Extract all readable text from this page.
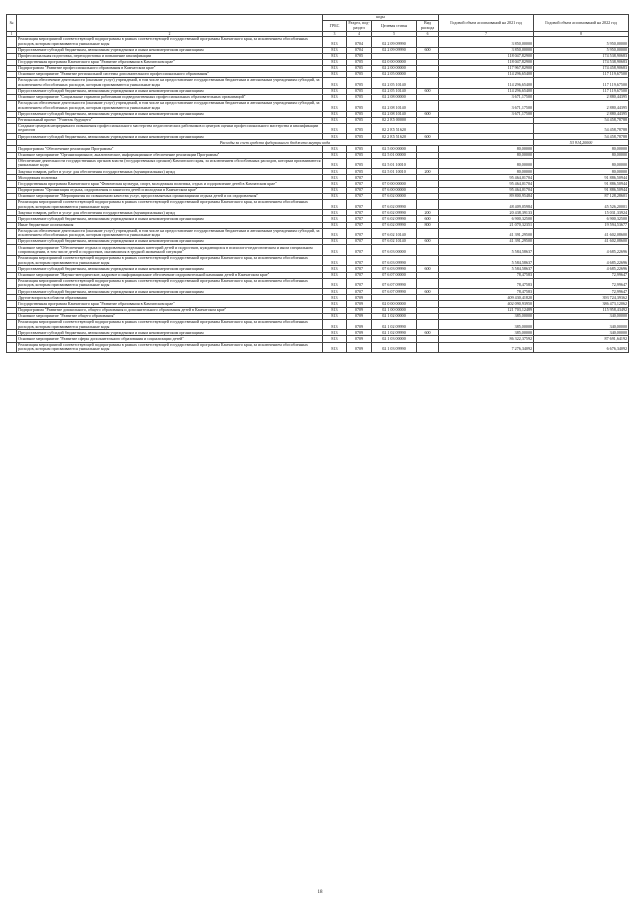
№		коды				Годовой объем ассигнований на 2021 год	Годовой объем ассигнований на 2022 год
		ГРБС	Раздел, под-раздел	Целевая статья	Вид расхода		
1	2	3	4	5	6	7	8
	Реализация мероприятий соответствующей подпрограммы в рамках соответствующей государственной программы Камчатского края, за исключением обособленных расходов, которым присваиваются уникальные коды	813	0704	02 2 09 09990		3 850,00000	5 950,00000
	Предоставление субсидий бюджетным, автономным учреждениям и иным некоммерческим организациям	813	0704	02 2 09 09990	600	3 850,00000	5 950,00000
	Профессиональная подготовка, переподготовка и повышение квалификации	813	0705			118 047,82900	174 538,90683
	Государственная программа Камчатского края "Развитие образования в Камчатском крае"	813	0705	02 0 00 00000		118 047,82900	174 538,90683
	Подпрограмма "Развитие профессионального образования в Камчатском крае"	813	0705	02 2 00 00000		117 967,82900	174 458,90683
	Основное мероприятие "Развитие региональной системы дополнительного профессионального образования"	813	0705	02 2 05 00000		114 296,65400	117 119,67500
	Расходы на обеспечение деятельности (оказание услуг) учреждений, в том числе на предоставление государственным бюджетным и автономным учреждениям субсидий, за исключением обособленных расходов, которым присваиваются уникальные коды	813	0705	02 2 05 10140		114 296,65400	117 119,67500
	Предоставление субсидий бюджетным, автономным учреждениям и иным некоммерческим организациям	813	0705	02 2 05 10140	600	114 296,65400	117 119,67500
	Основное мероприятие "Социальные гарантии работникам подведомственных профессиональных образовательных организаций"	813	0705	02 2 08 00000		3 671,17500	2 880,44395
	Расходы на обеспечение деятельности (оказание услуг) учреждений, в том числе на предоставление государственным бюджетным и автономным учреждениям субсидий, за исключением обособленных расходов, которым присваиваются уникальные коды	813	0705	02 2 08 10140		3 671,17500	2 880,44395
	Предоставление субсидий бюджетным, автономным учреждениям и иным некоммерческим организациям	813	0705	02 2 08 10140	600	3 671,17500	2 880,44395
	Региональный проект "Учитель будущего"	813	0705	02 2 E5 00000			54 458,78788
	Создание центров непрерывного повышения профессионального мастерства педагогических работников и центров оценки профессионального мастерства и квалификации педагогов	813	0705	02 2 E5 51620			54 458,78788
	Предоставление субсидий бюджетным, автономным учреждениям и иным некоммерческим организациям	813	0705	02 2 E5 51620	600		54 458,78788
	Расходы за счет средств федерального бюджета внутри кода						53 914,20000
	Подпрограмма "Обеспечение реализации Программы"	813	0705	02 5 00 00000		80,00000	80,00000
	Основное мероприятие "Организационное, аналитическое, информационное обеспечение реализации Программы"	813	0705	02 5 01 00000		80,00000	80,00000
	Обеспечение деятельности государственных органов власти (государственных органов) Камчатского края, за исключением обособленных расходов, которым присваиваются уникальные коды	813	0705	02 5 01 10010		80,00000	80,00000
	Закупка товаров, работ и услуг для обеспечения государственных (муниципальных) нужд	813	0705	02 5 01 10010	200	80,00000	80,00000
	Молодежная политика	813	0707			95 464,01704	91 886,50944
	Государственная программа Камчатского края "Физическая культура, спорт, молодежная политика, отдых и оздоровление детей в Камчатском крае"	813	0707	07 0 00 00000		95 464,01704	91 886,50944
	Подпрограмма "Организация отдыха, оздоровления и занятости детей и молодежи в Камчатском крае"	813	0707	07 6 00 00000		95 464,01704	91 886,50944
	Основное мероприятие "Мероприятия по повышению качества услуг, предоставляемых организациями отдыха детей и их оздоровления"	813	0707	07 6 02 00000		89 800,95484	87 128,28601
	Реализация мероприятий соответствующей подпрограммы в рамках соответствующей государственной программы Камчатского края, за исключением обособленных расходов, которым присваиваются уникальные коды	813	0707	07 6 02 09990		48 409,05984	45 526,20001
	Закупка товаров, работ и услуг для обеспечения государственных (муниципальных) нужд	813	0707	07 6 02 09990	200	20 438,39133	15 031,33924
	Предоставление субсидий бюджетным, автономным учреждениям и иным некоммерческим организациям	813	0707	07 6 02 09990	600	6 900,32500	6 900,32500
	Иные бюджетные ассигнования	813	0707	07 6 02 09990	800	21 070,32351	19 594,53677
	Расходы на обеспечение деятельности (оказание услуг) учреждений, в том числе на предоставление государственным бюджетным и автономным учреждениям субсидий, за исключением обособленных расходов, которым присваиваются уникальные коды	813	0707	07 6 02 10140		41 391,29500	41 602,08600
	Предоставление субсидий бюджетным, автономным учреждениям и иным некоммерческим организациям	813	0707	07 6 02 10140	600	41 391,29500	41 602,08600
	Основное мероприятие "Обеспечение отдыха и оздоровления отдельных категорий детей и подростков, нуждающихся в психолого-педагогическом и ином специальном сопровождении, в том числе детей и подростков, оказавшихся в трудной жизненной ситуации"	813	0707	07 6 03 00000		5 584,58637	4 685,22696
	Реализация мероприятий соответствующей подпрограммы в рамках соответствующей государственной программы Камчатского края, за исключением обособленных расходов, которым присваиваются уникальные коды	813	0707	07 6 03 09990		5 584,58637	4 685,22696
	Предоставление субсидий бюджетным, автономным учреждениям и иным некоммерческим организациям	813	0707	07 6 03 09990	600	5 584,58637	4 685,22696
	Основное мероприятие "Научно-методическое, кадровое и информационное обеспечение оздоровительной кампании детей в Камчатском крае"	813	0707	07 6 07 00000		78,47583	72,99647
	Реализация мероприятий соответствующей подпрограммы в рамках соответствующей государственной программы Камчатского края, за исключением обособленных расходов, которым присваиваются уникальные коды	813	0707	07 6 07 09990		78,47583	72,99647
	Предоставление субсидий бюджетным, автономным учреждениям и иным некоммерческим организациям	813	0707	07 6 07 09990	600	78,47583	72,99647
	Другие вопросы в области образования	813	0709			409 430,41820	393 724,39362
	Государственная программа Камчатского края "Развитие образования в Камчатском крае"	813	0709	02 0 00 00000		402 090,93950	386 473,12062
	Подпрограмма "Развитие дошкольного, общего образования и дополнительного образования детей в Камчатском крае"	813	0709	02 1 00 00000		121 703,12489	115 958,43492
	Основное мероприятие "Развитие общего образования"	813	0709	02 1 02 00000		385,00000	340,00000
	Реализация мероприятий соответствующей подпрограммы в рамках соответствующей государственной программы Камчатского края, за исключением обособленных расходов, которым присваиваются уникальные коды	813	0709	02 1 02 09990		385,00000	340,00000
	Предоставление субсидий бюджетным, автономным учреждениям и иным некоммерческим организациям	813	0709	02 1 02 09990	600	385,00000	340,00000
	Основное мероприятие "Развитие сферы дополнительного образования и социализации детей"	813	0709	02 1 03 00000		86 322,37592	87 691,64192
	Реализация мероприятий соответствующей подпрограммы в рамках соответствующей государственной программы Камчатского края, за исключением обособленных расходов, которым присваиваются уникальные коды	813	0709	02 1 03 09990		7 276,34092	6 676,34092
18
